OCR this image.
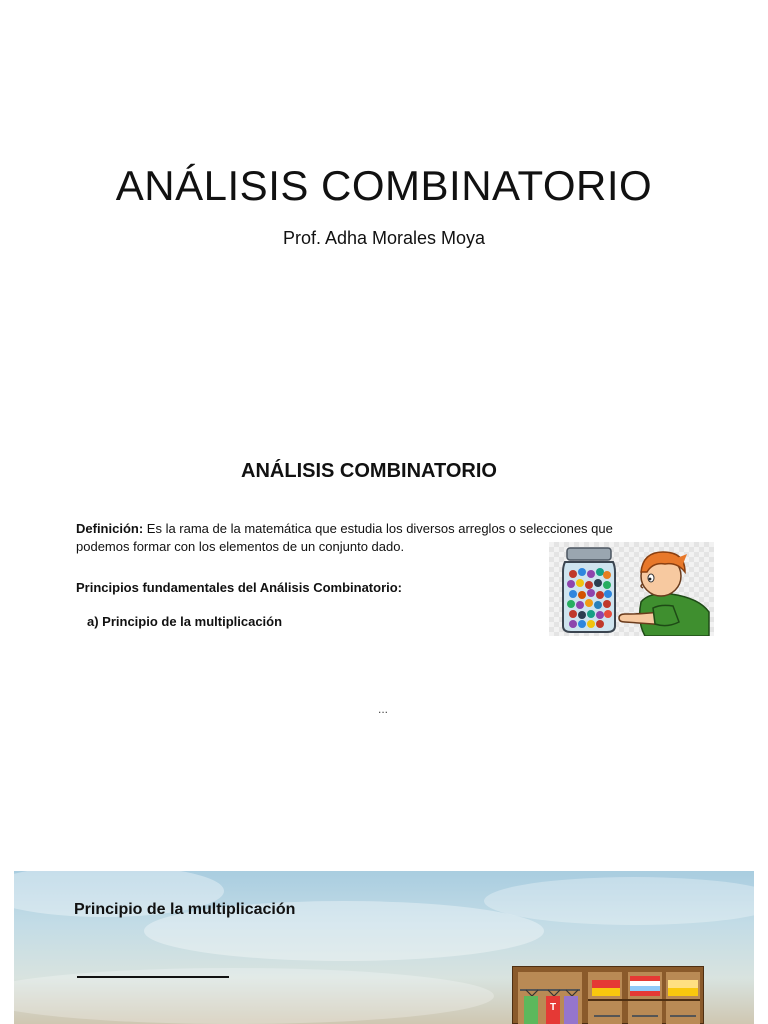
ANÁLISIS COMBINATORIO
Prof. Adha Morales Moya
ANÁLISIS COMBINATORIO
Definición: Es la rama de la matemática que estudia los diversos arreglos o selecciones que podemos formar con los elementos de un conjunto dado.
Principios fundamentales del Análisis Combinatorio:
a) Principio de la multiplicación
...
Principio de la multiplicación
T
